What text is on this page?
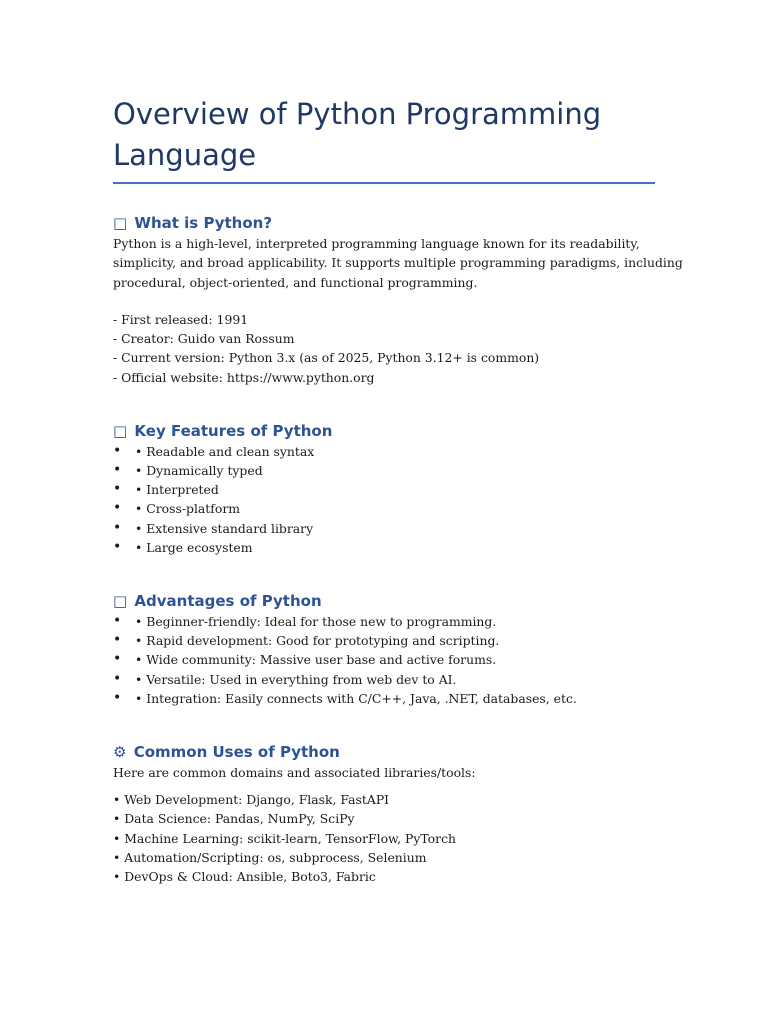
Overview of Python Programming Language
□ What is Python?

Python is a high-level, interpreted programming language known for its readability,

simplicity, and broad applicability. It supports multiple programming paradigms, including

procedural, object-oriented, and functional programming.

- First released: 1991

- Creator: Guido van Rossum

- Current version: Python 3.x (as of 2025, Python 3.12+ is common)

- Official website: https://www.python.org

□ Key Features of Python
• • Readable and clean syntax
• • Dynamically typed
• • Interpreted
• • Cross-platform
• • Extensive standard library
• • Large ecosystem
□ Advantages of Python
• • Beginner-friendly: Ideal for those new to programming.
• • Rapid development: Good for prototyping and scripting.
• • Wide community: Massive user base and active forums.
• • Versatile: Used in everything from web dev to AI.
• • Integration: Easily connects with C/C++, Java, .NET, databases, etc.
⚙ Common Uses of Python

Here are common domains and associated libraries/tools:

• Web Development: Django, Flask, FastAPI

• Data Science: Pandas, NumPy, SciPy

• Machine Learning: scikit-learn, TensorFlow, PyTorch

• Automation/Scripting: os, subprocess, Selenium

• DevOps & Cloud: Ansible, Boto3, Fabric
